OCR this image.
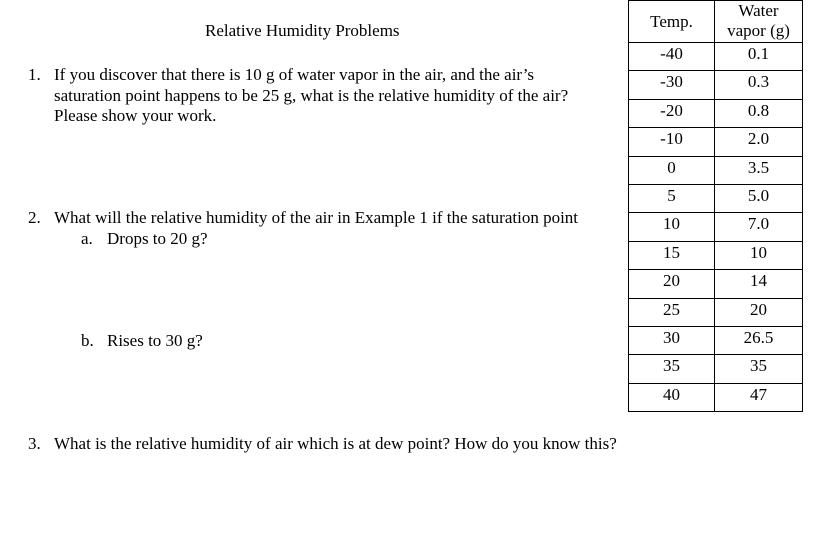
Relative Humidity Problems
1. If you discover that there is 10 g of water vapor in the air, and the air’s
saturation point happens to be 25 g, what is the relative humidity of the air?
Please show your work.
2. What will the relative humidity of the air in Example 1 if the saturation point
a. Drops to 20 g?
b. Rises to 30 g?
3. What is the relative humidity of air which is at dew point? How do you know this?
Temp.	Water
vapor (g)

-40	0.1
-30	0.3
-20	0.8
-10	2.0
0	3.5
5	5.0
10	7.0
15	10
20	14
25	20
30	26.5
35	35
40	47
